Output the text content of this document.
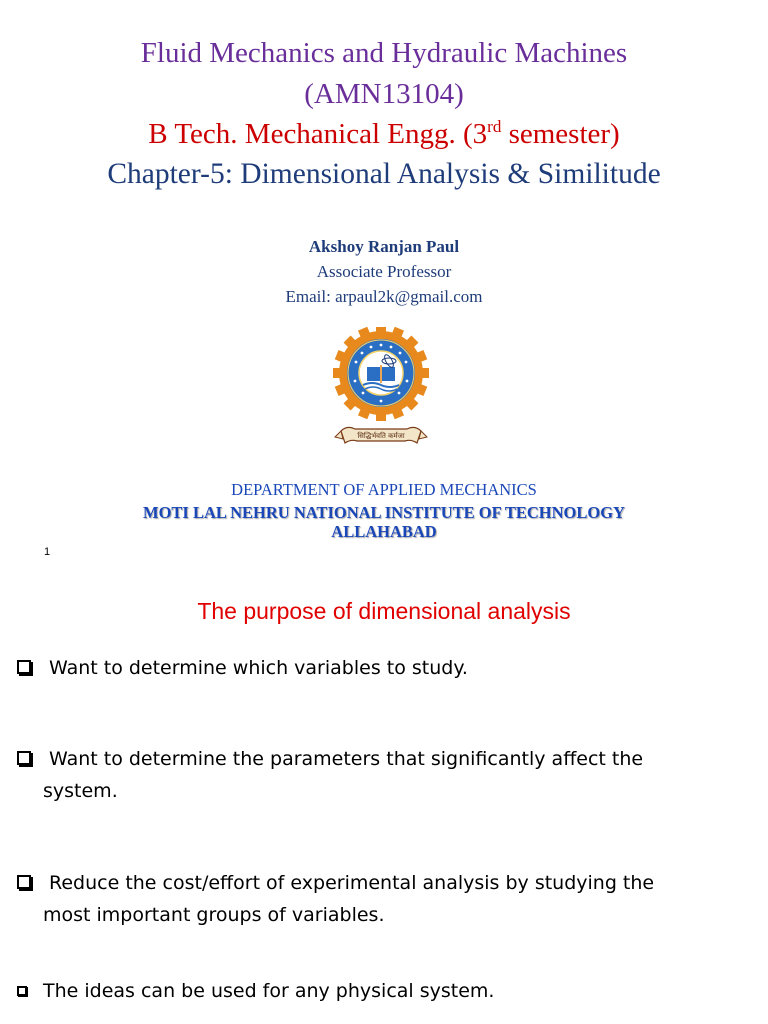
Fluid Mechanics and Hydraulic Machines
(AMN13104)
B Tech. Mechanical Engg. (3rd semester)
Chapter-5: Dimensional Analysis & Similitude
Akshoy Ranjan Paul
Associate Professor
Email: arpaul2k@gmail.com
सिद्धिर्भवति कर्मजा
DEPARTMENT OF APPLIED MECHANICS
MOTI LAL NEHRU NATIONAL INSTITUTE OF TECHNOLOGY
ALLAHABAD
1
The purpose of dimensional analysis
Want to determine which variables to study.
Want to determine the parameters that significantly affect the
system.
Reduce the cost/effort of experimental analysis by studying the
most important groups of variables.
The ideas can be used for any physical system.
